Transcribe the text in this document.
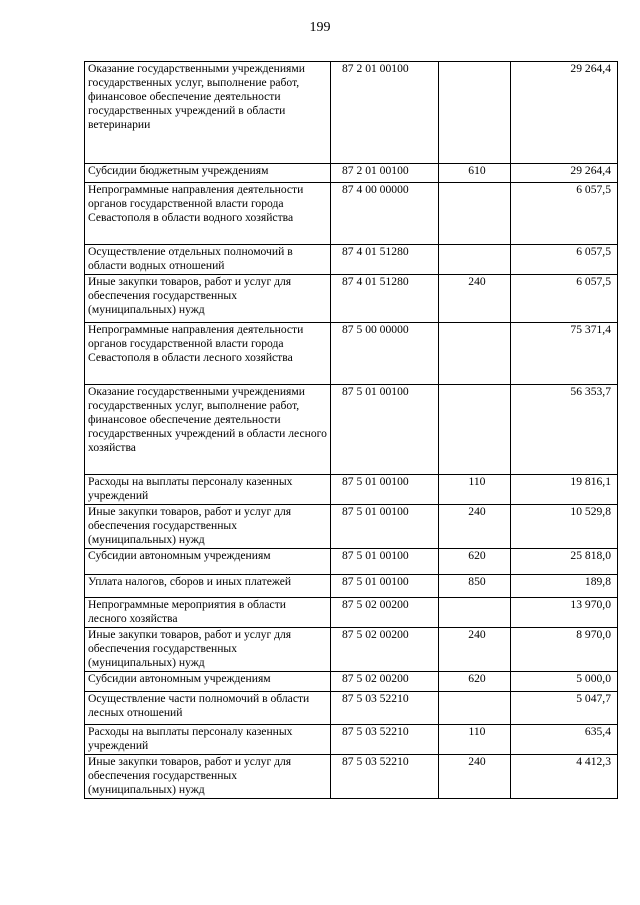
199
Оказание государственными учреждениями государственных услуг, выполнение работ, финансовое обеспечение деятельности государственных учреждений в области ветеринарии	87 2 01 00100		29 264,4
Субсидии бюджетным учреждениям	87 2 01 00100	610	29 264,4
Непрограммные направления деятельности органов государственной власти города Севастополя в области водного хозяйства	87 4 00 00000		6 057,5
Осуществление отдельных полномочий в области водных отношений	87 4 01 51280		6 057,5
Иные закупки товаров, работ и услуг для обеспечения государственных (муниципальных) нужд	87 4 01 51280	240	6 057,5
Непрограммные направления деятельности органов государственной власти города Севастополя в области лесного хозяйства	87 5 00 00000		75 371,4
Оказание государственными учреждениями государственных услуг, выполнение работ, финансовое обеспечение деятельности государственных учреждений в области лесного хозяйства	87 5 01 00100		56 353,7
Расходы на выплаты персоналу казенных учреждений	87 5 01 00100	110	19 816,1
Иные закупки товаров, работ и услуг для обеспечения государственных (муниципальных) нужд	87 5 01 00100	240	10 529,8
Субсидии автономным учреждениям	87 5 01 00100	620	25 818,0
Уплата налогов, сборов и иных платежей	87 5 01 00100	850	189,8
Непрограммные мероприятия в области лесного хозяйства	87 5 02 00200		13 970,0
Иные закупки товаров, работ и услуг для обеспечения государственных (муниципальных) нужд	87 5 02 00200	240	8 970,0
Субсидии автономным учреждениям	87 5 02 00200	620	5 000,0
Осуществление части полномочий в области лесных отношений	87 5 03 52210		5 047,7
Расходы на выплаты персоналу казенных учреждений	87 5 03 52210	110	635,4
Иные закупки товаров, работ и услуг для обеспечения государственных (муниципальных) нужд	87 5 03 52210	240	4 412,3
